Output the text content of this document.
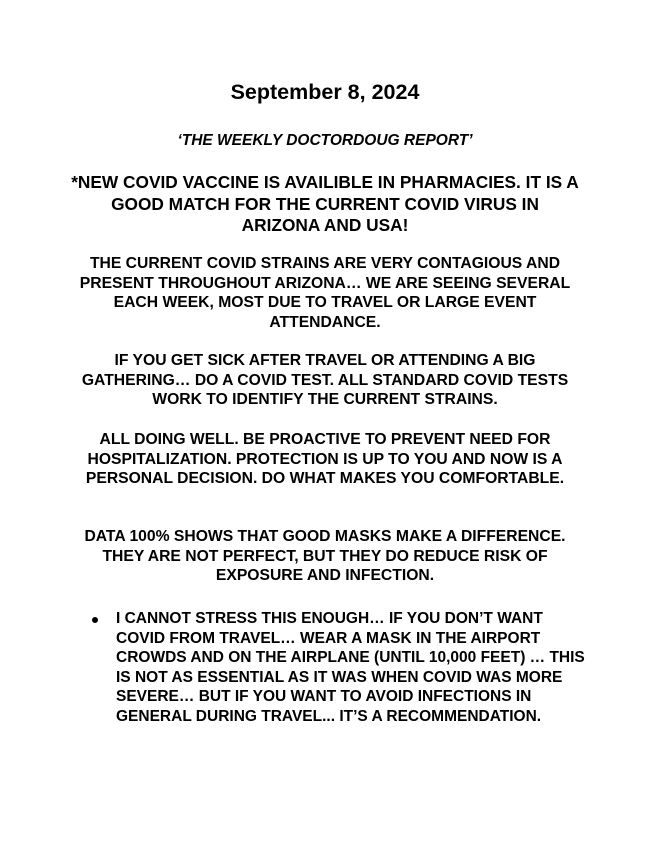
September 8, 2024
‘THE WEEKLY DOCTORDOUG REPORT’
*NEW COVID VACCINE IS AVAILIBLE IN PHARMACIES. IT IS A GOOD MATCH FOR THE CURRENT COVID VIRUS IN ARIZONA AND USA!
THE CURRENT COVID STRAINS ARE VERY CONTAGIOUS AND PRESENT THROUGHOUT ARIZONA… WE ARE SEEING SEVERAL EACH WEEK, MOST DUE TO TRAVEL OR LARGE EVENT ATTENDANCE.
IF YOU GET SICK AFTER TRAVEL OR ATTENDING A BIG GATHERING… DO A COVID TEST. ALL STANDARD COVID TESTS WORK TO IDENTIFY THE CURRENT STRAINS.
ALL DOING WELL. BE PROACTIVE TO PREVENT NEED FOR HOSPITALIZATION. PROTECTION IS UP TO YOU AND NOW IS A PERSONAL DECISION. DO WHAT MAKES YOU COMFORTABLE.
DATA 100% SHOWS THAT GOOD MASKS MAKE A DIFFERENCE. THEY ARE NOT PERFECT, BUT THEY DO REDUCE RISK OF EXPOSURE AND INFECTION.
I CANNOT STRESS THIS ENOUGH… IF YOU DON’T WANT COVID FROM TRAVEL… WEAR A MASK IN THE AIRPORT CROWDS AND ON THE AIRPLANE (UNTIL 10,000 FEET) … THIS IS NOT AS ESSENTIAL AS IT WAS WHEN COVID WAS MORE SEVERE… BUT IF YOU WANT TO AVOID INFECTIONS IN GENERAL DURING TRAVEL... IT’S A RECOMMENDATION.
